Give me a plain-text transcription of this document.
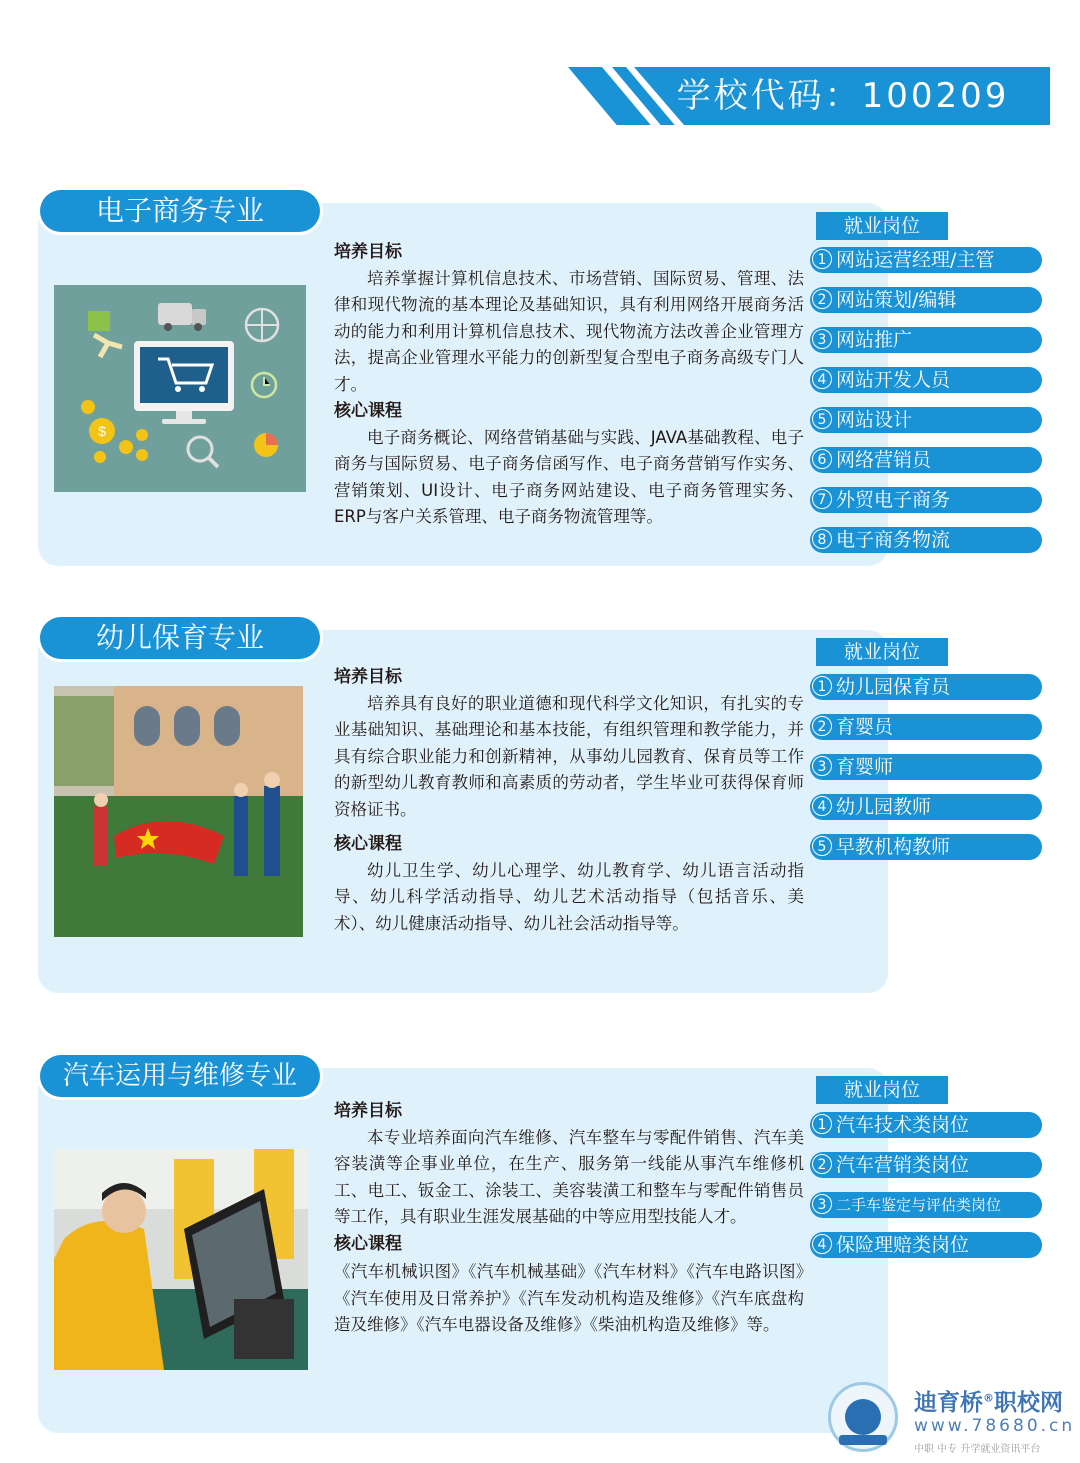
学校代码：100209
电子商务专业
$
培养目标

培养掌握计算机信息技术、市场营销、国际贸易、管理、法律和现代物流的基本理论及基础知识，具有利用网络开展商务活动的能力和利用计算机信息技术、现代物流方法改善企业管理方法，提高企业管理水平能力的创新型复合型电子商务高级专门人才。

核心课程

电子商务概论、网络营销基础与实践、JAVA基础教程、电子商务与国际贸易、电子商务信函写作、电子商务营销写作实务、营销策划、UI设计、电子商务网站建设、电子商务管理实务、ERP与客户关系管理、电子商务物流管理等。

就业岗位
1 网站运营经理/主管
2 网站策划/编辑
3 网站推广
4 网站开发人员
5 网站设计
6 网络营销员
7 外贸电子商务
8 电子商务物流
幼儿保育专业
培养目标

培养具有良好的职业道德和现代科学文化知识，有扎实的专业基础知识、基础理论和基本技能，有组织管理和教学能力，并具有综合职业能力和创新精神，从事幼儿园教育、保育员等工作的新型幼儿教育教师和高素质的劳动者，学生毕业可获得保育师资格证书。

核心课程

幼儿卫生学、幼儿心理学、幼儿教育学、幼儿语言活动指导、幼儿科学活动指导、幼儿艺术活动指导（包括音乐、美术）、幼儿健康活动指导、幼儿社会活动指导等。

就业岗位
1 幼儿园保育员
2 育婴员
3 育婴师
4 幼儿园教师
5 早教机构教师
汽车运用与维修专业
培养目标

本专业培养面向汽车维修、汽车整车与零配件销售、汽车美容装潢等企事业单位，在生产、服务第一线能从事汽车维修机工、电工、钣金工、涂装工、美容装潢工和整车与零配件销售员等工作，具有职业生涯发展基础的中等应用型技能人才。

核心课程

《汽车机械识图》《汽车机械基础》《汽车材料》《汽车电路识图》《汽车使用及日常养护》《汽车发动机构造及维修》《汽车底盘构造及维修》《汽车电器设备及维修》《柴油机构造及维修》等。

就业岗位
1 汽车技术类岗位
2 汽车营销类岗位
3 二手车鉴定与评估类岗位
4 保险理赔类岗位
迪育桥®职校网
www.78680.cn
中职 中专 升学就业资讯平台
